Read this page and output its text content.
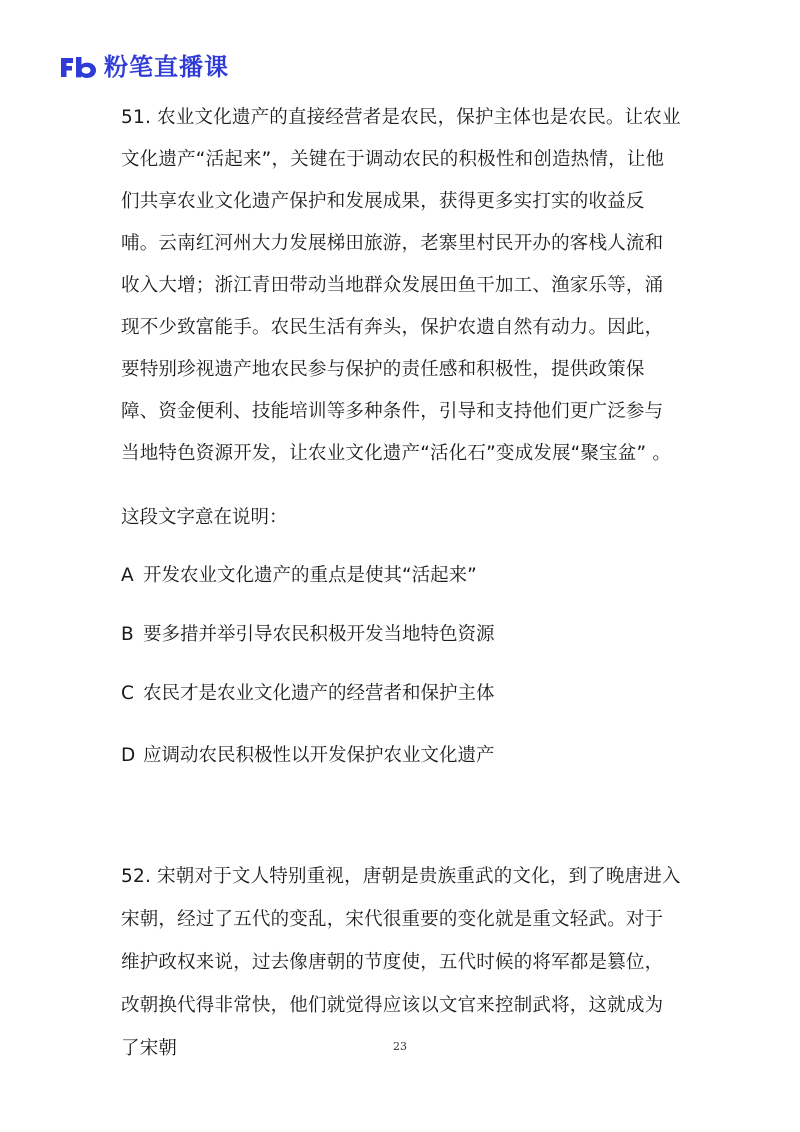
粉笔直播课

51. 农业文化遗产的直接经营者是农民，保护主体也是农民。让农业文化遗产“活起来”，关键在于调动农民的积极性和创造热情，让他们共享农业文化遗产保护和发展成果，获得更多实打实的收益反哺。云南红河州大力发展梯田旅游，老寨里村民开办的客栈人流和收入大增；浙江青田带动当地群众发展田鱼干加工、渔家乐等，涌现不少致富能手。农民生活有奔头，保护农遗自然有动力。因此，要特别珍视遗产地农民参与保护的责任感和积极性，提供政策保障、资金便利、技能培训等多种条件，引导和支持他们更广泛参与当地特色资源开发，让农业文化遗产“活化石”变成发展“聚宝盆” 。

这段文字意在说明：

A 开发农业文化遗产的重点是使其“活起来”

B 要多措并举引导农民积极开发当地特色资源

C 农民才是农业文化遗产的经营者和保护主体

D 应调动农民积极性以开发保护农业文化遗产

52. 宋朝对于文人特别重视，唐朝是贵族重武的文化，到了晚唐进入宋朝，经过了五代的变乱，宋代很重要的变化就是重文轻武。对于维护政权来说，过去像唐朝的节度使，五代时候的将军都是篡位，改朝换代得非常快，他们就觉得应该以文官来控制武将，这就成为了宋朝	23
